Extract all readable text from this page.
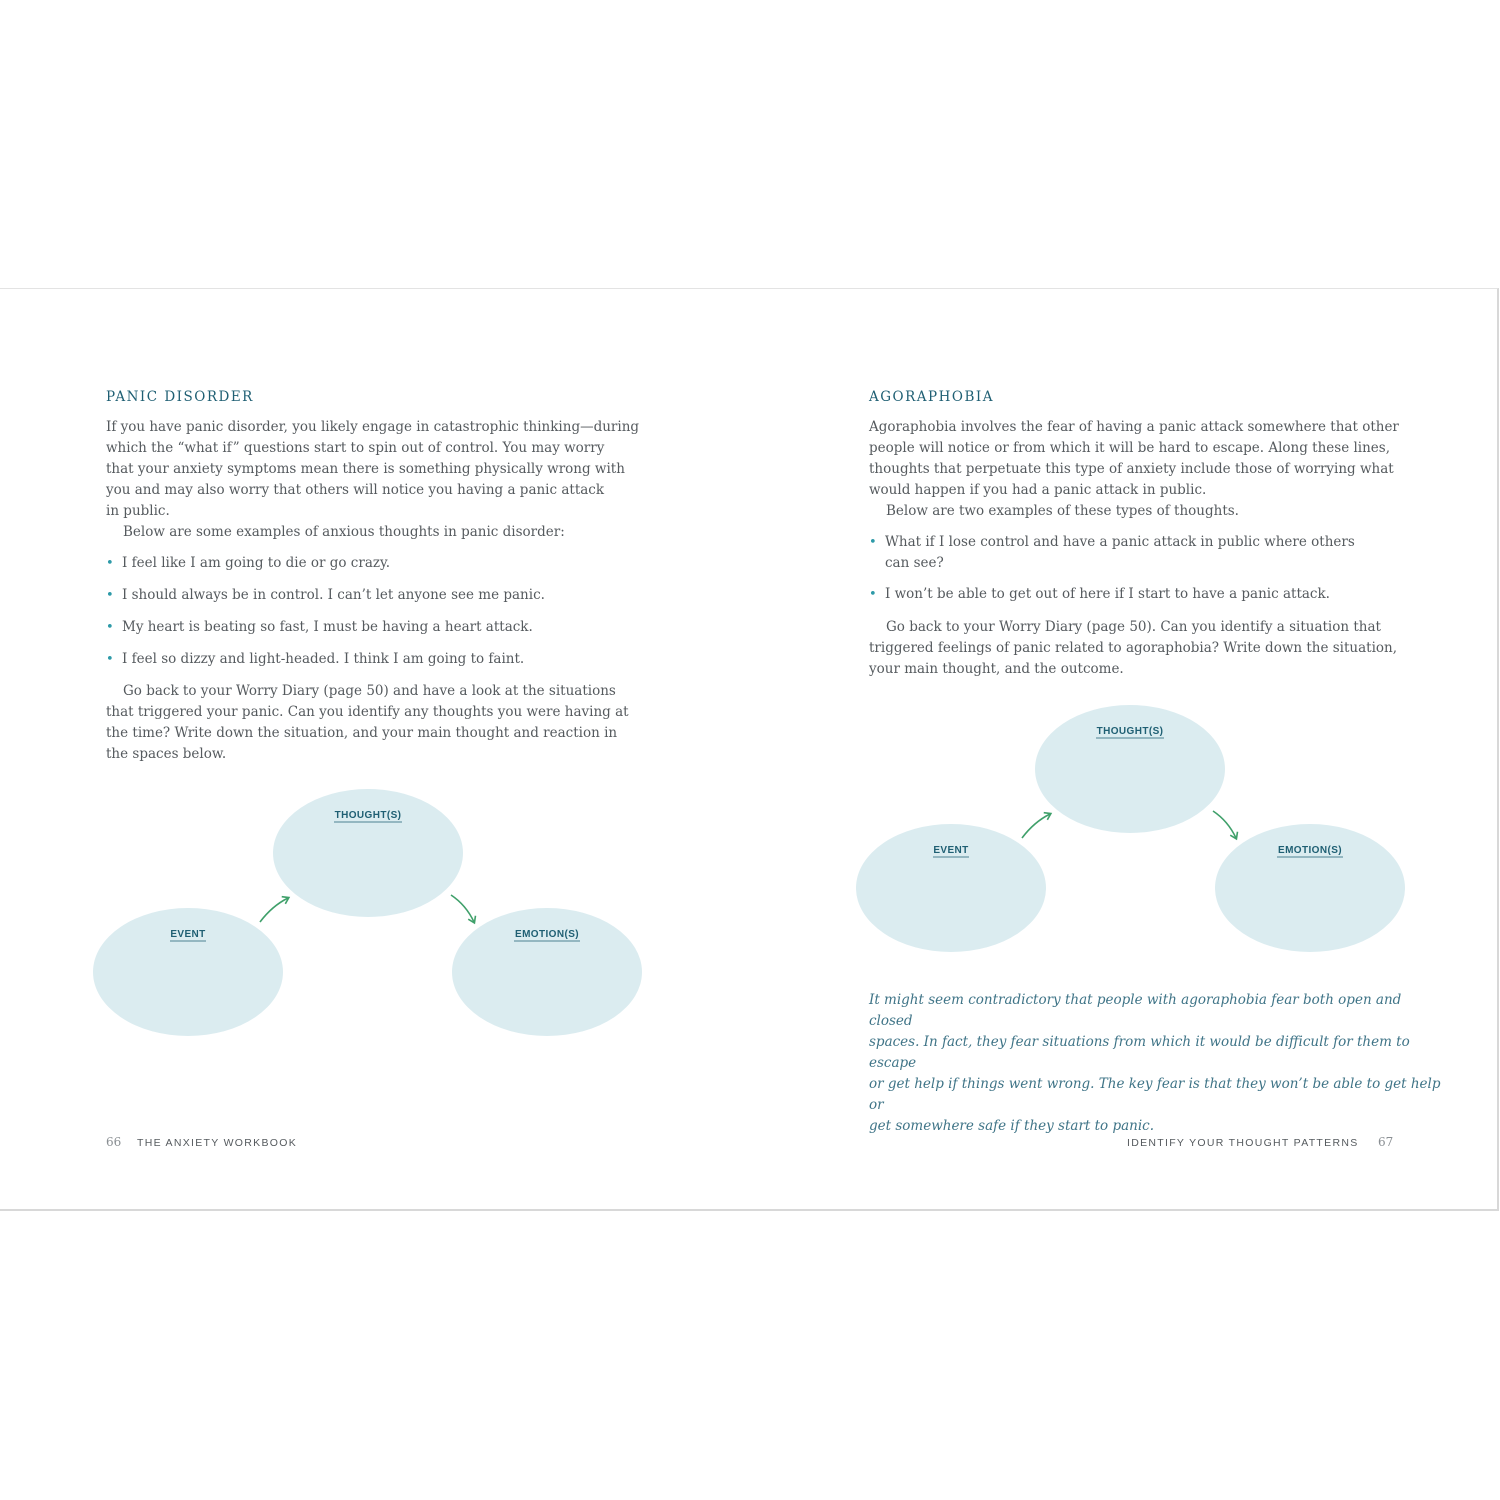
PANIC DISORDER
If you have panic disorder, you likely engage in catastrophic thinking—during
which the “what if” questions start to spin out of control. You may worry
that your anxiety symptoms mean there is something physically wrong with
you and may also worry that others will notice you having a panic attack
in public.
Below are some examples of anxious thoughts in panic disorder:
• I feel like I am going to die or go crazy.
• I should always be in control. I can’t let anyone see me panic.
• My heart is beating so fast, I must be having a heart attack.
• I feel so dizzy and light-headed. I think I am going to faint.
Go back to your Worry Diary (page 50) and have a look at the situations
that triggered your panic. Can you identify any thoughts you were having at
the time? Write down the situation, and your main thought and reaction in
the spaces below.
THOUGHT(S)
EVENT	EMOTION(S)
THOUGHT(S)
EVENT	EMOTION(S)
66 THE ANXIETY WORKBOOK
AGORAPHOBIA
Agoraphobia involves the fear of having a panic attack somewhere that other
people will notice or from which it will be hard to escape. Along these lines,
thoughts that perpetuate this type of anxiety include those of worrying what
would happen if you had a panic attack in public.
Below are two examples of these types of thoughts.
• What if I lose control and have a panic attack in public where others
can see?
• I won’t be able to get out of here if I start to have a panic attack.
Go back to your Worry Diary (page 50). Can you identify a situation that
triggered feelings of panic related to agoraphobia? Write down the situation,
your main thought, and the outcome.
It might seem contradictory that people with agoraphobia fear both open and closed
spaces. In fact, they fear situations from which it would be difficult for them to escape
or get help if things went wrong. The key fear is that they won’t be able to get help or
get somewhere safe if they start to panic.
IDENTIFY YOUR THOUGHT PATTERNS 67
